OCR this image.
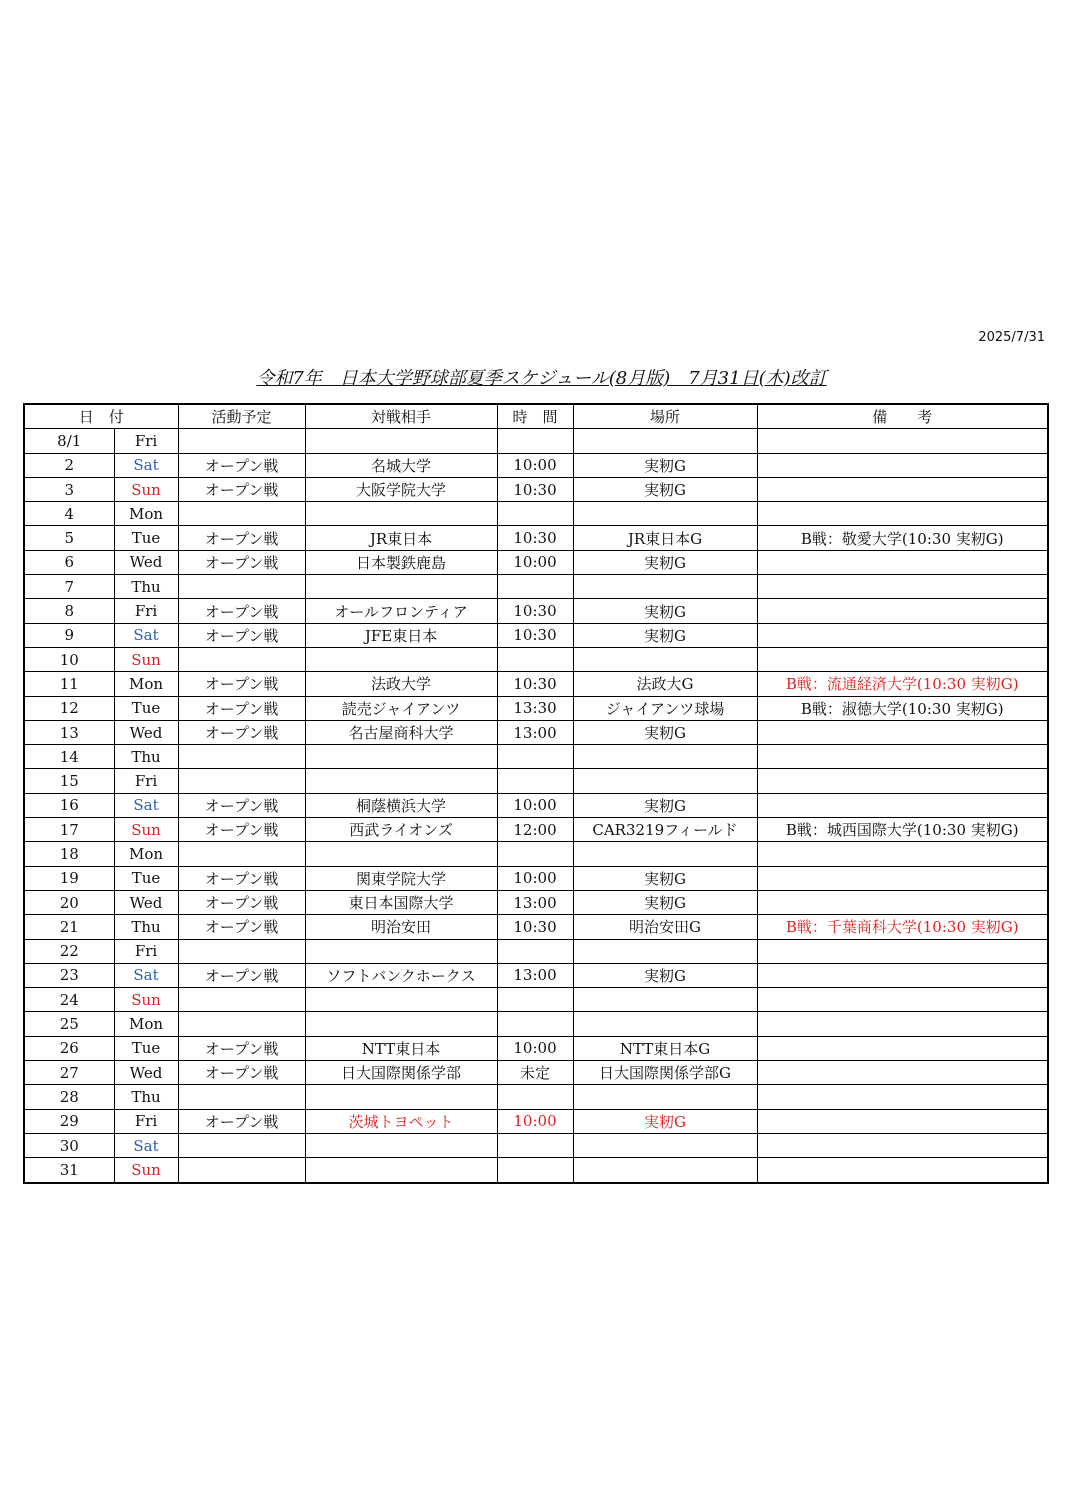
2025/7/31
令和7年　日本大学野球部夏季スケジュール(8月版)　7月31日(木)改訂
日　付		活動予定	対戦相手	時　間	場所	備　　考
8/1	Fri					
2	Sat	オープン戦	名城大学	10:00	実籾G	
3	Sun	オープン戦	大阪学院大学	10:30	実籾G	
4	Mon					
5	Tue	オープン戦	JR東日本	10:30	JR東日本G	B戦：敬愛大学(10:30 実籾G)
6	Wed	オープン戦	日本製鉄鹿島	10:00	実籾G	
7	Thu					
8	Fri	オープン戦	オールフロンティア	10:30	実籾G	
9	Sat	オープン戦	JFE東日本	10:30	実籾G	
10	Sun					
11	Mon	オープン戦	法政大学	10:30	法政大G	B戦：流通経済大学(10:30 実籾G)
12	Tue	オープン戦	読売ジャイアンツ	13:30	ジャイアンツ球場	B戦：淑徳大学(10:30 実籾G)
13	Wed	オープン戦	名古屋商科大学	13:00	実籾G	
14	Thu					
15	Fri					
16	Sat	オープン戦	桐蔭横浜大学	10:00	実籾G	
17	Sun	オープン戦	西武ライオンズ	12:00	CAR3219フィールド	B戦：城西国際大学(10:30 実籾G)
18	Mon					
19	Tue	オープン戦	関東学院大学	10:00	実籾G	
20	Wed	オープン戦	東日本国際大学	13:00	実籾G	
21	Thu	オープン戦	明治安田	10:30	明治安田G	B戦：千葉商科大学(10:30 実籾G)
22	Fri					
23	Sat	オープン戦	ソフトバンクホークス	13:00	実籾G	
24	Sun					
25	Mon					
26	Tue	オープン戦	NTT東日本	10:00	NTT東日本G	
27	Wed	オープン戦	日大国際関係学部	未定	日大国際関係学部G	
28	Thu					
29	Fri	オープン戦	茨城トヨペット	10:00	実籾G	
30	Sat					
31	Sun					
